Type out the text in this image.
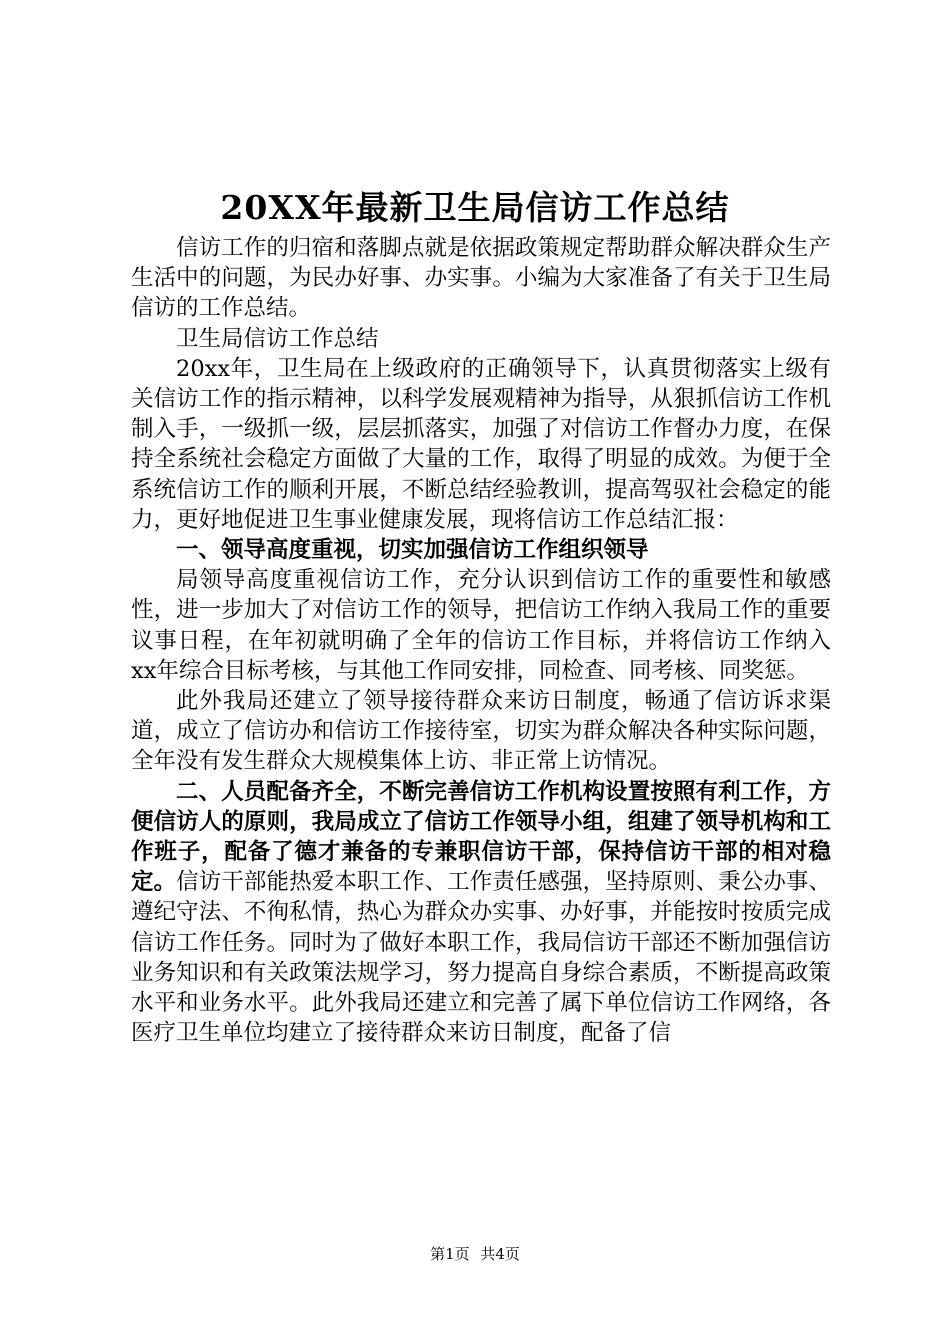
20XX年最新卫生局信访工作总结

信访工作的归宿和落脚点就是依据政策规定帮助群众解决群众生产生活中的问题，为民办好事、办实事。小编为大家准备了有关于卫生局信访的工作总结。

卫生局信访工作总结

20xx年，卫生局在上级政府的正确领导下，认真贯彻落实上级有关信访工作的指示精神，以科学发展观精神为指导，从狠抓信访工作机制入手，一级抓一级，层层抓落实，加强了对信访工作督办力度，在保持全系统社会稳定方面做了大量的工作，取得了明显的成效。为便于全系统信访工作的顺利开展，不断总结经验教训，提高驾驭社会稳定的能力，更好地促进卫生事业健康发展，现将信访工作总结汇报：

一、领导高度重视，切实加强信访工作组织领导

局领导高度重视信访工作，充分认识到信访工作的重要性和敏感性，进一步加大了对信访工作的领导，把信访工作纳入我局工作的重要议事日程，在年初就明确了全年的信访工作目标，并将信访工作纳入xx年综合目标考核，与其他工作同安排，同检查、同考核、同奖惩。

此外我局还建立了领导接待群众来访日制度，畅通了信访诉求渠道，成立了信访办和信访工作接待室，切实为群众解决各种实际问题，全年没有发生群众大规模集体上访、非正常上访情况。

二、人员配备齐全，不断完善信访工作机构设置按照有利工作，方便信访人的原则，我局成立了信访工作领导小组，组建了领导机构和工作班子，配备了德才兼备的专兼职信访干部，保持信访干部的相对稳定。信访干部能热爱本职工作、工作责任感强，坚持原则、秉公办事、遵纪守法、不徇私情，热心为群众办实事、办好事，并能按时按质完成信访工作任务。同时为了做好本职工作，我局信访干部还不断加强信访业务知识和有关政策法规学习，努力提高自身综合素质，不断提高政策水平和业务水平。此外我局还建立和完善了属下单位信访工作网络，各医疗卫生单位均建立了接待群众来访日制度，配备了信

第1页 共4页
